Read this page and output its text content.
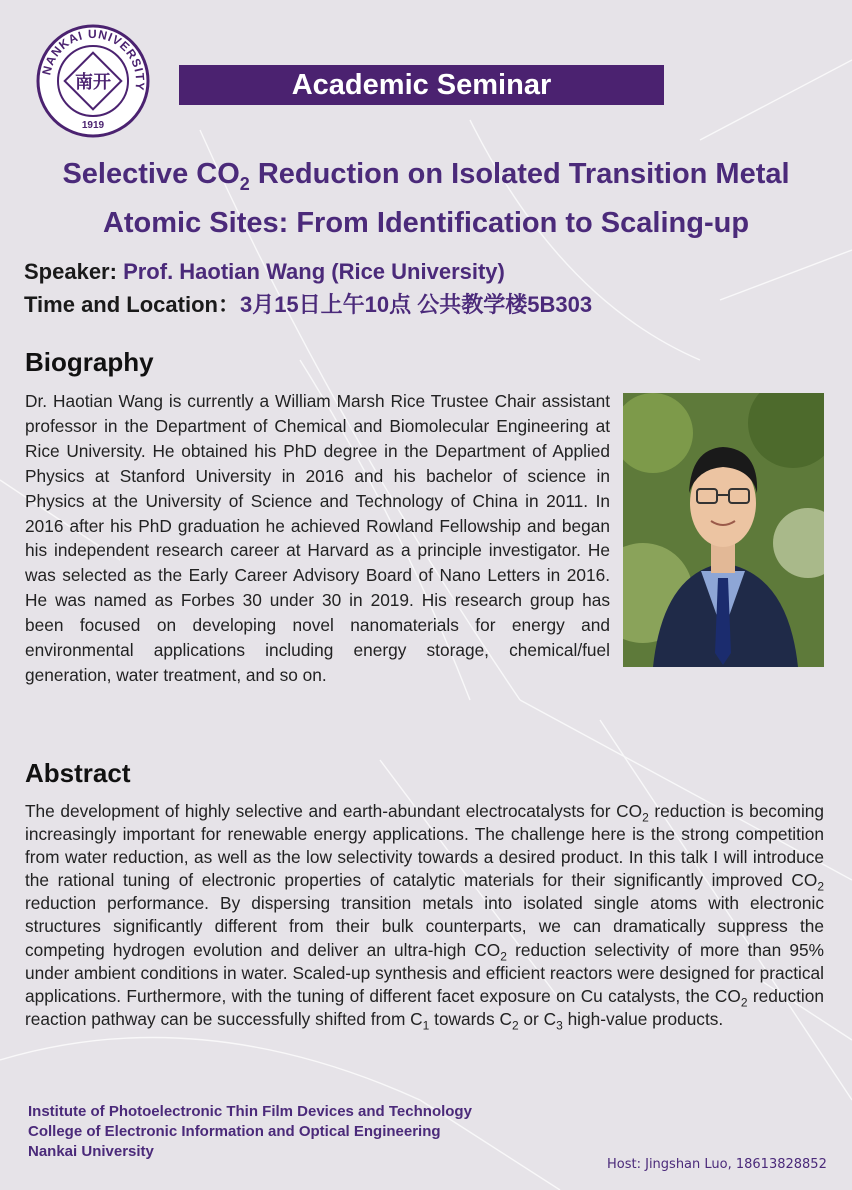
NANKAI UNIVERSITY
1919
南开	Academic Seminar
Selective $CO_2$ Reduction on Isolated Transition Metal
Atomic Sites: From Identification to Scaling-up
Speaker: Prof. Haotian Wang (Rice University)
Time and Location：3月15日上午10点 公共教学楼5B303
Biography
Dr. Haotian Wang is currently a William Marsh Rice Trustee Chair assistant professor in the Department of Chemical and Biomolecular Engineering at Rice University. He obtained his PhD degree in the Department of Applied Physics at Stanford University in 2016 and his bachelor of science in Physics at the University of Science and Technology of China in 2011. In 2016 after his PhD graduation he achieved Rowland Fellowship and began his independent research career at Harvard as a principle investigator. He was selected as the Early Career Advisory Board of Nano Letters in 2016. He was named as Forbes 30 under 30 in 2019. His research group has been focused on developing novel nanomaterials for energy and environmental applications including energy storage, chemical/fuel generation, water treatment, and so on.
Abstract
The development of highly selective and earth-abundant electrocatalysts for $CO_2$ reduction is becoming increasingly important for renewable energy applications. The challenge here is the strong competition from water reduction, as well as the low selectivity towards a desired product. In this talk I will introduce the rational tuning of electronic properties of catalytic materials for their significantly improved $CO_2$ reduction performance. By dispersing transition metals into isolated single atoms with electronic structures significantly different from their bulk counterparts, we can dramatically suppress the competing hydrogen evolution and deliver an ultra-high $CO_2$ reduction selectivity of more than 95% under ambient conditions in water. Scaled-up synthesis and efficient reactors were designed for practical applications. Furthermore, with the tuning of different facet exposure on Cu catalysts, the $CO_2$ reduction reaction pathway can be successfully shifted from $C_1$ towards $C_2$ or $C_3$ high-value products.
Institute of Photoelectronic Thin Film Devices and Technology
College of Electronic Information and Optical Engineering
Nankai University
Host: Jingshan Luo, 18613828852
